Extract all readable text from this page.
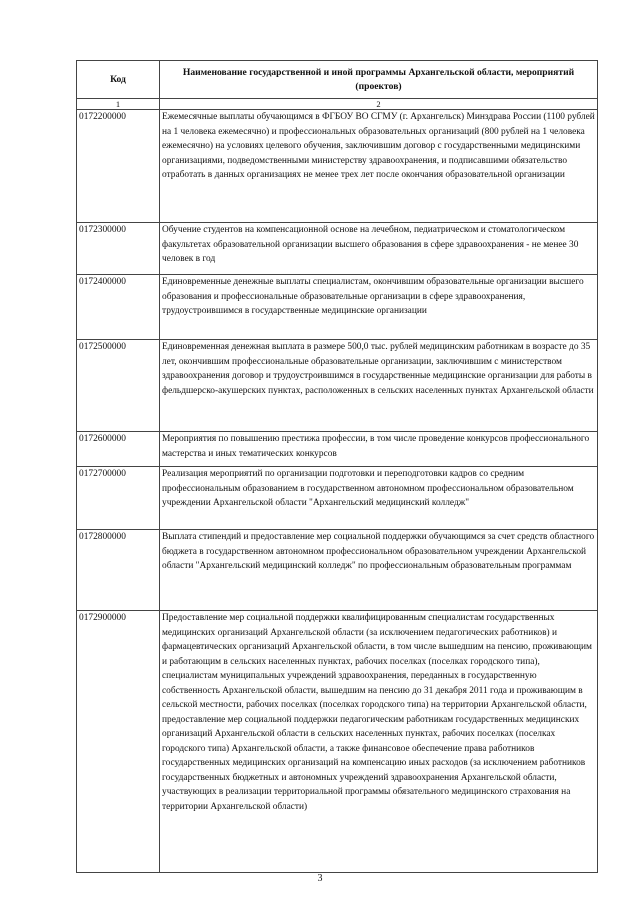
Код	Наименование государственной и иной программы Архангельской области, мероприятий (проектов)
1	2
0172200000	Ежемесячные выплаты обучающимся в ФГБОУ ВО СГМУ (г. Архангельск) Минздрава России (1100 рублей на 1 человека ежемесячно) и профессиональных образовательных организаций (800 рублей на 1 человека ежемесячно) на условиях целевого обучения, заключившим договор с государственными медицинскими организациями, подведомственными министерству здравоохранения, и подписавшими обязательство отработать в данных организациях не менее трех лет после окончания образовательной организации
0172300000	Обучение студентов на компенсационной основе на лечебном, педиатрическом и стоматологическом факультетах образовательной организации высшего образования в сфере здравоохранения - не менее 30 человек в год
0172400000	Единовременные денежные выплаты специалистам, окончившим образовательные организации высшего образования и профессиональные образовательные организации в сфере здравоохранения, трудоустроившимся в государственные медицинские организации
0172500000	Единовременная денежная выплата в размере 500,0 тыс. рублей медицинским работникам в возрасте до 35 лет, окончившим профессиональные образовательные организации, заключившим с министерством здравоохранения договор и трудоустроившимся в государственные медицинские организации для работы в фельдшерско-акушерских пунктах, расположенных в сельских населенных пунктах Архангельской области
0172600000	Мероприятия по повышению престижа профессии, в том числе проведение конкурсов профессионального мастерства и иных тематических конкурсов
0172700000	Реализация мероприятий по организации подготовки и переподготовки кадров со средним профессиональным образованием в государственном автономном профессиональном образовательном учреждении Архангельской области "Архангельский медицинский колледж"
0172800000	Выплата стипендий и предоставление мер социальной поддержки обучающимся за счет средств областного бюджета в государственном автономном профессиональном образовательном учреждении Архангельской области "Архангельский медицинский колледж" по профессиональным образовательным программам
0172900000	Предоставление мер социальной поддержки квалифицированным специалистам государственных медицинских организаций Архангельской области (за исключением педагогических работников) и фармацевтических организаций Архангельской области, в том числе вышедшим на пенсию, проживающим и работающим в сельских населенных пунктах, рабочих поселках (поселках городского типа), специалистам муниципальных учреждений здравоохранения, переданных в государственную собственность Архангельской области, вышедшим на пенсию до 31 декабря 2011 года и проживающим в сельской местности, рабочих поселках (поселках городского типа) на территории Архангельской области, предоставление мер социальной поддержки педагогическим работникам государственных медицинских организаций Архангельской области в сельских населенных пунктах, рабочих поселках (поселках городского типа) Архангельской области, а также финансовое обеспечение права работников государственных медицинских организаций на компенсацию иных расходов (за исключением работников государственных бюджетных и автономных учреждений здравоохранения Архангельской области, участвующих в реализации территориальной программы обязательного медицинского страхования на территории Архангельской области)
3
